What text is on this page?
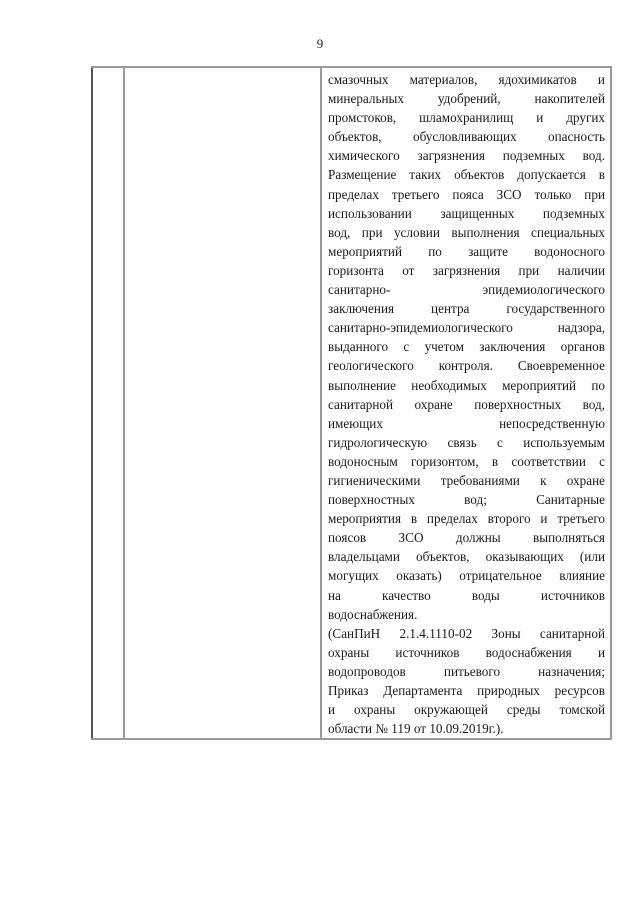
9

смазочных материалов, ядохимикатов и
минеральных удобрений, накопителей
промстоков, шламохранилищ и других
объектов, обусловливающих опасность
химического загрязнения подземных вод.
Размещение таких объектов допускается в
пределах третьего пояса ЗСО только при
использовании защищенных подземных
вод, при условии выполнения специальных
мероприятий по защите водоносного
горизонта от загрязнения при наличии
санитарно- эпидемиологического
заключения центра государственного
санитарно-эпидемиологического надзора,
выданного с учетом заключения органов
геологического контроля. Своевременное
выполнение необходимых мероприятий по
санитарной охране поверхностных вод,
имеющих непосредственную
гидрологическую связь с используемым
водоносным горизонтом, в соответствии с
гигиеническими требованиями к охране
поверхностных вод; Санитарные
мероприятия в пределах второго и третьего
поясов ЗСО должны выполняться
владельцами объектов, оказывающих (или
могущих оказать) отрицательное влияние
на качество воды источников
водоснабжения.

(СанПиН 2.1.4.1110-02 Зоны санитарной
охраны источников водоснабжения и
водопроводов питьевого назначения;
Приказ Департамента природных ресурсов
и охраны окружающей среды томской
области № 119 от 10.09.2019г.).
